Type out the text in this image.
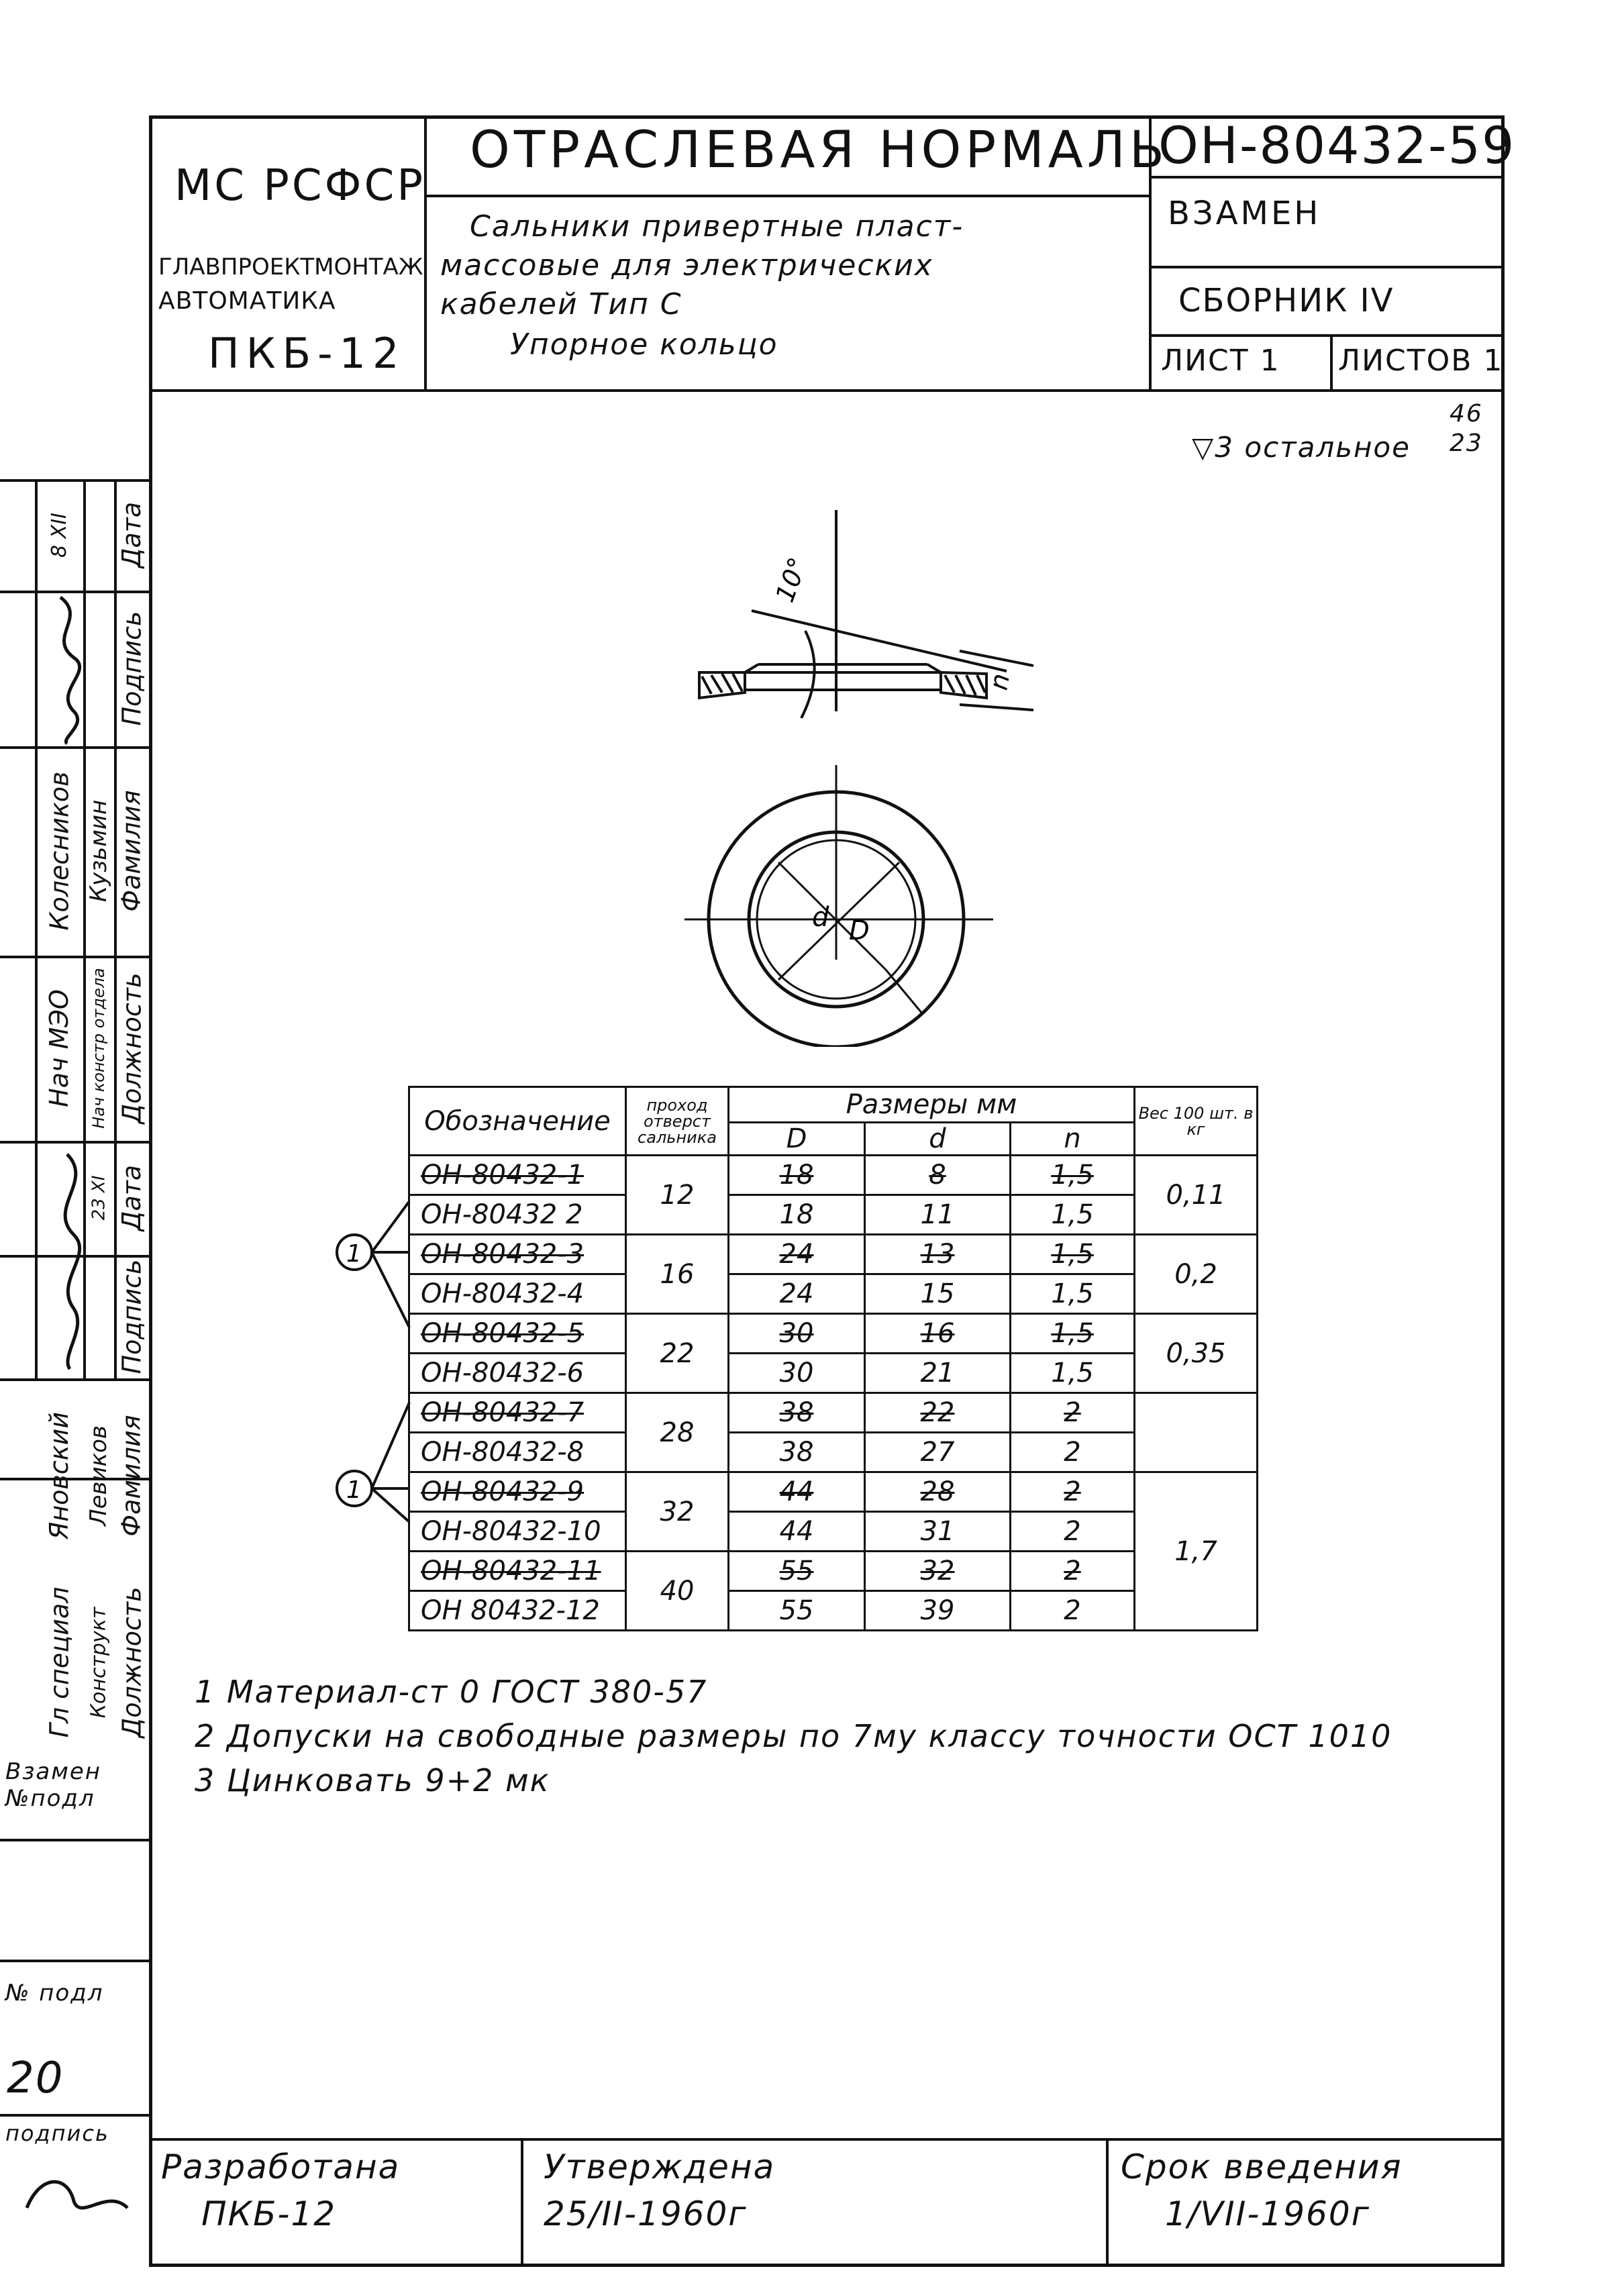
МС РСФСР
ГЛАВПРОЕКТМОНТАЖ
АВТОМАТИКА
ПКБ-12
ОТРАСЛЕВАЯ НОРМАЛЬ
Сальники привертные пласт-
массовые для электрических
кабелей Тип С
Упорное кольцо
ОН-80432-59
ВЗАМЕН
СБОРНИК IV
ЛИСТ 1 ЛИСТОВ 1
▽3 остальное
46
23
10°
n
d D
1
1
Обозначение	проход отверст сальника	Размеры мм			Вес 100 шт. в кг
		D	d	n	
ОН-80432-1	12	18	8	1,5	0,11
ОН-80432 2		18	11	1,5	
ОН-80432-3	16	24	13	1,5	0,2
ОН-80432-4		24	15	1,5	
ОН-80432-5	22	30	16	1,5	0,35
ОН-80432-6		30	21	1,5	
ОН-80432-7	28	38	22	2	
ОН-80432-8		38	27	2	
ОН-80432-9	32	44	28	2	1,7
ОН-80432-10		44	31	2	
ОН-80432-11	40	55	32	2	
ОН 80432-12		55	39	2	
1 Материал-ст 0 ГОСТ 380-57
2 Допуски на свободные размеры по 7му классу точности ОСТ 1010
3 Цинковать 9+2 мк
Разработана
ПКБ-12
Утверждена
25/II-1960г
Срок введения
1/VII-1960г
Дата
Подпись
Фамилия
Должность
Колесников Кузьмин
Нач МЭО Нач констр отдела
8 XII
Дата
Подпись
23 XI
Фамилия
Яновский Левиков
Должность
Гл специал Конструкт
Взамен №подл
№ подл
20
подпись
